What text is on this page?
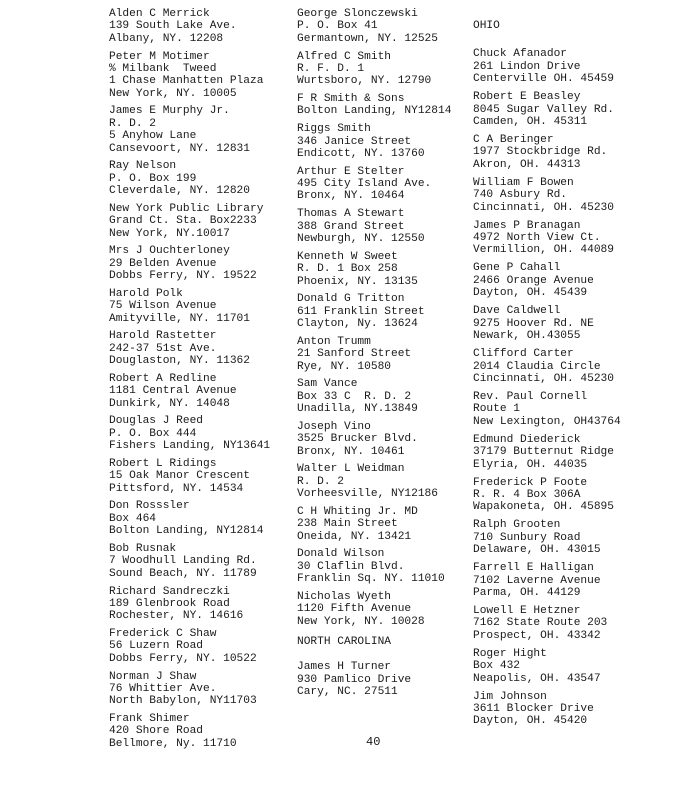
Alden C Merrick
139 South Lake Ave.
Albany, NY. 12208
Peter M Motimer
% Milbank  Tweed
1 Chase Manhatten Plaza
New York, NY. 10005
James E Murphy Jr.
R. D. 2
5 Anyhow Lane
Cansevoort, NY. 12831
Ray Nelson
P. O. Box 199
Cleverdale, NY. 12820
New York Public Library
Grand Ct. Sta. Box2233
New York, NY.10017
Mrs J Ouchterloney
29 Belden Avenue
Dobbs Ferry, NY. 19522
Harold Polk
75 Wilson Avenue
Amityville, NY. 11701
Harold Rastetter
242-37 51st Ave.
Douglaston, NY. 11362
Robert A Redline
1181 Central Avenue
Dunkirk, NY. 14048
Douglas J Reed
P. O. Box 444
Fishers Landing, NY13641
Robert L Ridings
15 Oak Manor Crescent
Pittsford, NY. 14534
Don Rosssler
Box 464
Bolton Landing, NY12814
Bob Rusnak
7 Woodhull Landing Rd.
Sound Beach, NY. 11789
Richard Sandreczki
189 Glenbrook Road
Rochester, NY. 14616
Frederick C Shaw
56 Luzern Road
Dobbs Ferry, NY. 10522
Norman J Shaw
76 Whittier Ave.
North Babylon, NY11703
Frank Shimer
420 Shore Road
Bellmore, Ny. 11710
George Slonczewski
P. O. Box 41
Germantown, NY. 12525
Alfred C Smith
R. F. D. 1
Wurtsboro, NY. 12790
F R Smith & Sons
Bolton Landing, NY12814
Riggs Smith
346 Janice Street
Endicott, NY. 13760
Arthur E Stelter
495 City Island Ave.
Bronx, NY. 10464
Thomas A Stewart
388 Grand Street
Newburgh, NY. 12550
Kenneth W Sweet
R. D. 1 Box 258
Phoenix, NY. 13135
Donald G Tritton
611 Franklin Street
Clayton, Ny. 13624
Anton Trumm
21 Sanford Street
Rye, NY. 10580
Sam Vance
Box 33 C  R. D. 2
Unadilla, NY.13849
Joseph Vino
3525 Brucker Blvd.
Bronx, NY. 10461
Walter L Weidman
R. D. 2
Vorheesville, NY12186
C H Whiting Jr. MD
238 Main Street
Oneida, NY. 13421
Donald Wilson
30 Claflin Blvd.
Franklin Sq. NY. 11010
Nicholas Wyeth
1120 Fifth Avenue
New York, NY. 10028
NORTH CAROLINA
James H Turner
930 Pamlico Drive
Cary, NC. 27511
OHIO
Chuck Afanador
261 Lindon Drive
Centerville OH. 45459
Robert E Beasley
8045 Sugar Valley Rd.
Camden, OH. 45311
C A Beringer
1977 Stockbridge Rd.
Akron, OH. 44313
William F Bowen
740 Asbury Rd.
Cincinnati, OH. 45230
James P Branagan
4972 North View Ct.
Vermillion, OH. 44089
Gene P Cahall
2466 Orange Avenue
Dayton, OH. 45439
Dave Caldwell
9275 Hoover Rd. NE
Newark, OH.43055
Clifford Carter
2014 Claudia Circle
Cincinnati, OH. 45230
Rev. Paul Cornell
Route 1
New Lexington, OH43764
Edmund Diederick
37179 Butternut Ridge
Elyria, OH. 44035
Frederick P Foote
R. R. 4 Box 306A
Wapakoneta, OH. 45895
Ralph Grooten
710 Sunbury Road
Delaware, OH. 43015
Farrell E Halligan
7102 Laverne Avenue
Parma, OH. 44129
Lowell E Hetzner
7162 State Route 203
Prospect, OH. 43342
Roger Hight
Box 432
Neapolis, OH. 43547
Jim Johnson
3611 Blocker Drive
Dayton, OH. 45420
40
